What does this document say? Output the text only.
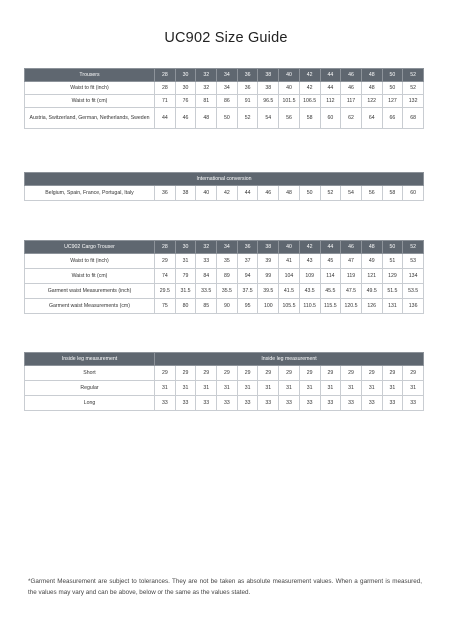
UC902 Size Guide
Trousers	28	30	32	34	36	38	40	42	44	46	48	50	52
Waist to fit (inch)	28	30	32	34	36	38	40	42	44	46	48	50	52
Waist to fit (cm)	71	76	81	86	91	96.5	101.5	106.5	112	117	122	127	132
Austria, Switzerland, German, Netherlands, Sweden	44	46	48	50	52	54	56	58	60	62	64	66	68
International conversion
Belgium, Spain, France, Portugal, Italy	36	38	40	42	44	46	48	50	52	54	56	58	60
UC902 Cargo Trouser	28	30	32	34	36	38	40	42	44	46	48	50	52
Waist to fit (inch)	29	31	33	35	37	39	41	43	45	47	49	51	53
Waist to fit (cm)	74	79	84	89	94	99	104	109	114	119	121	129	134
Garment waist Measurements (inch)	29.5	31.5	33.5	35.5	37.5	39.5	41.5	43.5	45.5	47.5	49.5	51.5	53.5
Garment waist Measurements (cm)	75	80	85	90	95	100	105.5	110.5	115.5	120.5	126	131	136
Inside leg measurement	Inside leg measurement												
Short	29	29	29	29	29	29	29	29	29	29	29	29	29
Regular	31	31	31	31	31	31	31	31	31	31	31	31	31
Long	33	33	33	33	33	33	33	33	33	33	33	33	33
*Garment Measurement are subject to tolerances. They are not be taken as absolute measurement values. When a garment is measured, the values may vary and can be above, below or the same as the values stated.
